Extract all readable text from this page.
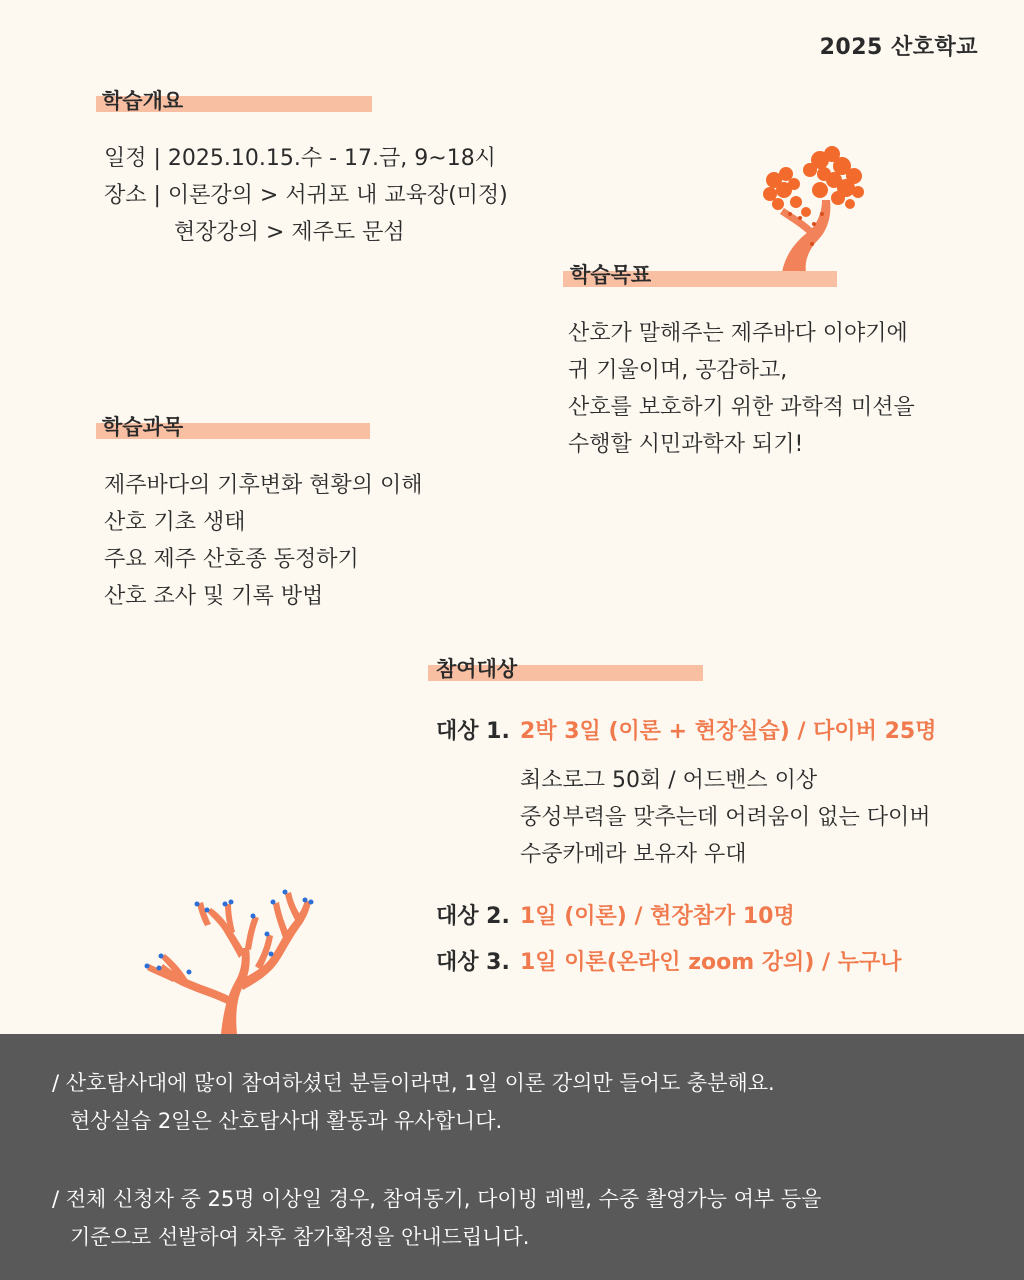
2025 산호학교
학습개요
일정 | 2025.10.15.수 - 17.금, 9~18시
장소 | 이론강의 > 서귀포 내 교육장(미정)
현장강의 > 제주도 문섬
학습목표
산호가 말해주는 제주바다 이야기에
귀 기울이며, 공감하고,
산호를 보호하기 위한 과학적 미션을
수행할 시민과학자 되기!
학습과목
제주바다의 기후변화 현황의 이해
산호 기초 생태
주요 제주 산호종 동정하기
산호 조사 및 기록 방법
참여대상
대상 1. 2박 3일 (이론 + 현장실습) / 다이버 25명
최소로그 50회 / 어드밴스 이상
중성부력을 맞추는데 어려움이 없는 다이버
수중카메라 보유자 우대
대상 2. 1일 (이론) / 현장참가 10명
대상 3. 1일 이론(온라인 zoom 강의) / 누구나
/ 산호탐사대에 많이 참여하셨던 분들이라면, 1일 이론 강의만 들어도 충분해요.
현상실습 2일은 산호탐사대 활동과 유사합니다.
/ 전체 신청자 중 25명 이상일 경우, 참여동기, 다이빙 레벨, 수중 촬영가능 여부 등을
기준으로 선발하여 차후 참가확정을 안내드립니다.
